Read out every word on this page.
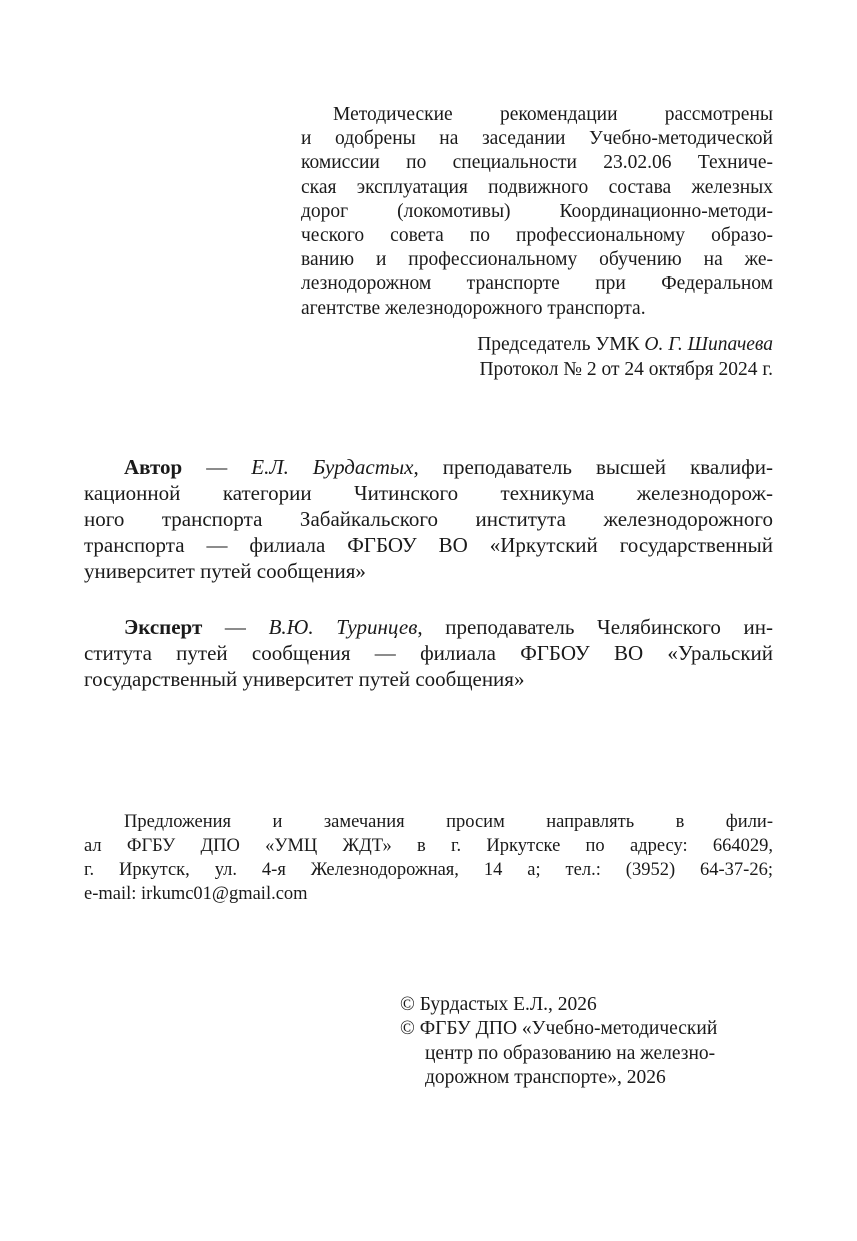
Методические рекомендации рассмотрены
и одобрены на заседании Учебно-методической
комиссии по специальности 23.02.06 Техниче-
ская эксплуатация подвижного состава железных
дорог (локомотивы) Координационно-методи-
ческого совета по профессиональному образо-
ванию и профессиональному обучению на же-
лезнодорожном транспорте при Федеральном
агентстве железнодорожного транспорта.
Председатель УМК О. Г. Шипачева
Протокол № 2 от 24 октября 2024 г.
Автор — Е.Л. Бурдастых, преподаватель высшей квалифи-
кационной категории Читинского техникума железнодорож-
ного транспорта Забайкальского института железнодорожного
транспорта — филиала ФГБОУ ВО «Иркутский государственный
университет путей сообщения»
Эксперт — В.Ю. Туринцев, преподаватель Челябинского ин-
ститута путей сообщения — филиала ФГБОУ ВО «Уральский
государственный университет путей сообщения»
Предложения и замечания просим направлять в фили-
ал ФГБУ ДПО «УМЦ ЖДТ» в г. Иркутске по адресу: 664029,
г. Иркутск, ул. 4-я Железнодорожная, 14 а; тел.: (3952) 64-37-26;
e-mail: irkumc01@gmail.com
© Бурдастых Е.Л., 2026
© ФГБУ ДПО «Учебно-методический
центр по образованию на железно-
дорожном транспорте», 2026
